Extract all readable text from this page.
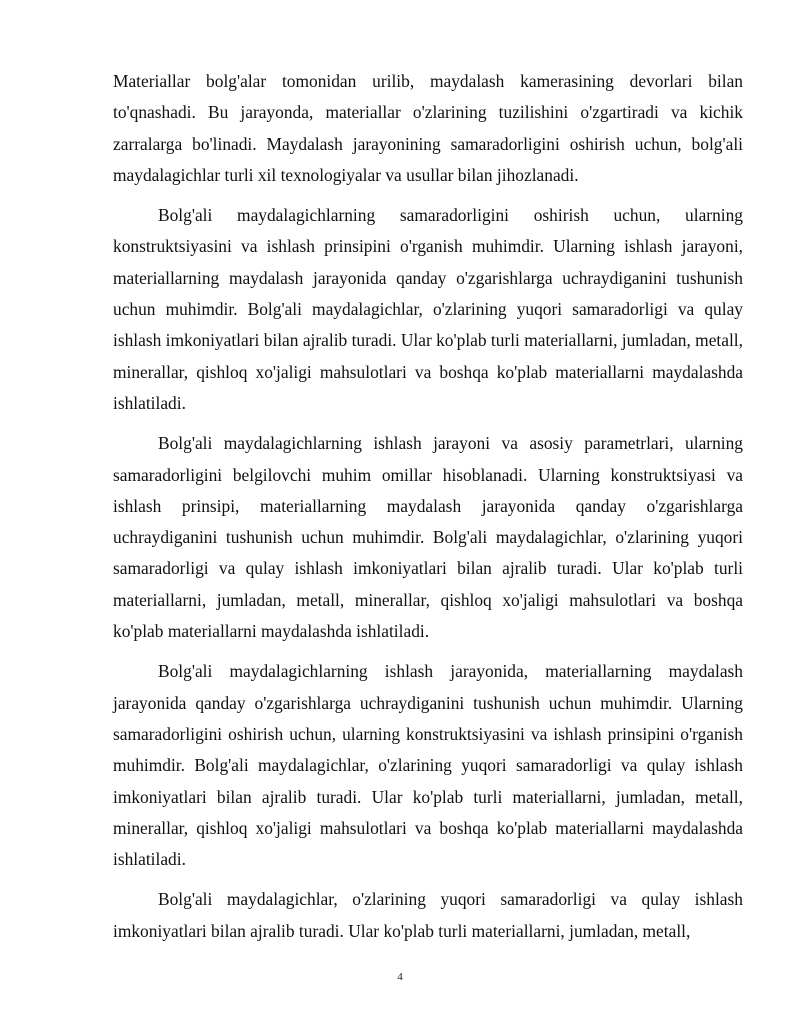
Materiallar bolg'alar tomonidan urilib, maydalash kamerasining devorlari bilan to'qnashadi. Bu jarayonda, materiallar o'zlarining tuzilishini o'zgartiradi va kichik zarralarga bo'linadi. Maydalash jarayonining samaradorligini oshirish uchun, bolg'ali maydalagichlar turli xil texnologiyalar va usullar bilan jihozlanadi.

Bolg'ali maydalagichlarning samaradorligini oshirish uchun, ularning konstruktsiyasini va ishlash prinsipini o'rganish muhimdir. Ularning ishlash jarayoni, materiallarning maydalash jarayonida qanday o'zgarishlarga uchraydiganini tushunish uchun muhimdir. Bolg'ali maydalagichlar, o'zlarining yuqori samaradorligi va qulay ishlash imkoniyatlari bilan ajralib turadi. Ular ko'plab turli materiallarni, jumladan, metall, minerallar, qishloq xo'jaligi mahsulotlari va boshqa ko'plab materiallarni maydalashda ishlatiladi.

Bolg'ali maydalagichlarning ishlash jarayoni va asosiy parametrlari, ularning samaradorligini belgilovchi muhim omillar hisoblanadi. Ularning konstruktsiyasi va ishlash prinsipi, materiallarning maydalash jarayonida qanday o'zgarishlarga uchraydiganini tushunish uchun muhimdir. Bolg'ali maydalagichlar, o'zlarining yuqori samaradorligi va qulay ishlash imkoniyatlari bilan ajralib turadi. Ular ko'plab turli materiallarni, jumladan, metall, minerallar, qishloq xo'jaligi mahsulotlari va boshqa ko'plab materiallarni maydalashda ishlatiladi.

Bolg'ali maydalagichlarning ishlash jarayonida, materiallarning maydalash jarayonida qanday o'zgarishlarga uchraydiganini tushunish uchun muhimdir. Ularning samaradorligini oshirish uchun, ularning konstruktsiyasini va ishlash prinsipini o'rganish muhimdir. Bolg'ali maydalagichlar, o'zlarining yuqori samaradorligi va qulay ishlash imkoniyatlari bilan ajralib turadi. Ular ko'plab turli materiallarni, jumladan, metall, minerallar, qishloq xo'jaligi mahsulotlari va boshqa ko'plab materiallarni maydalashda ishlatiladi.

Bolg'ali maydalagichlar, o'zlarining yuqori samaradorligi va qulay ishlash imkoniyatlari bilan ajralib turadi. Ular ko'plab turli materiallarni, jumladan, metall,

4
